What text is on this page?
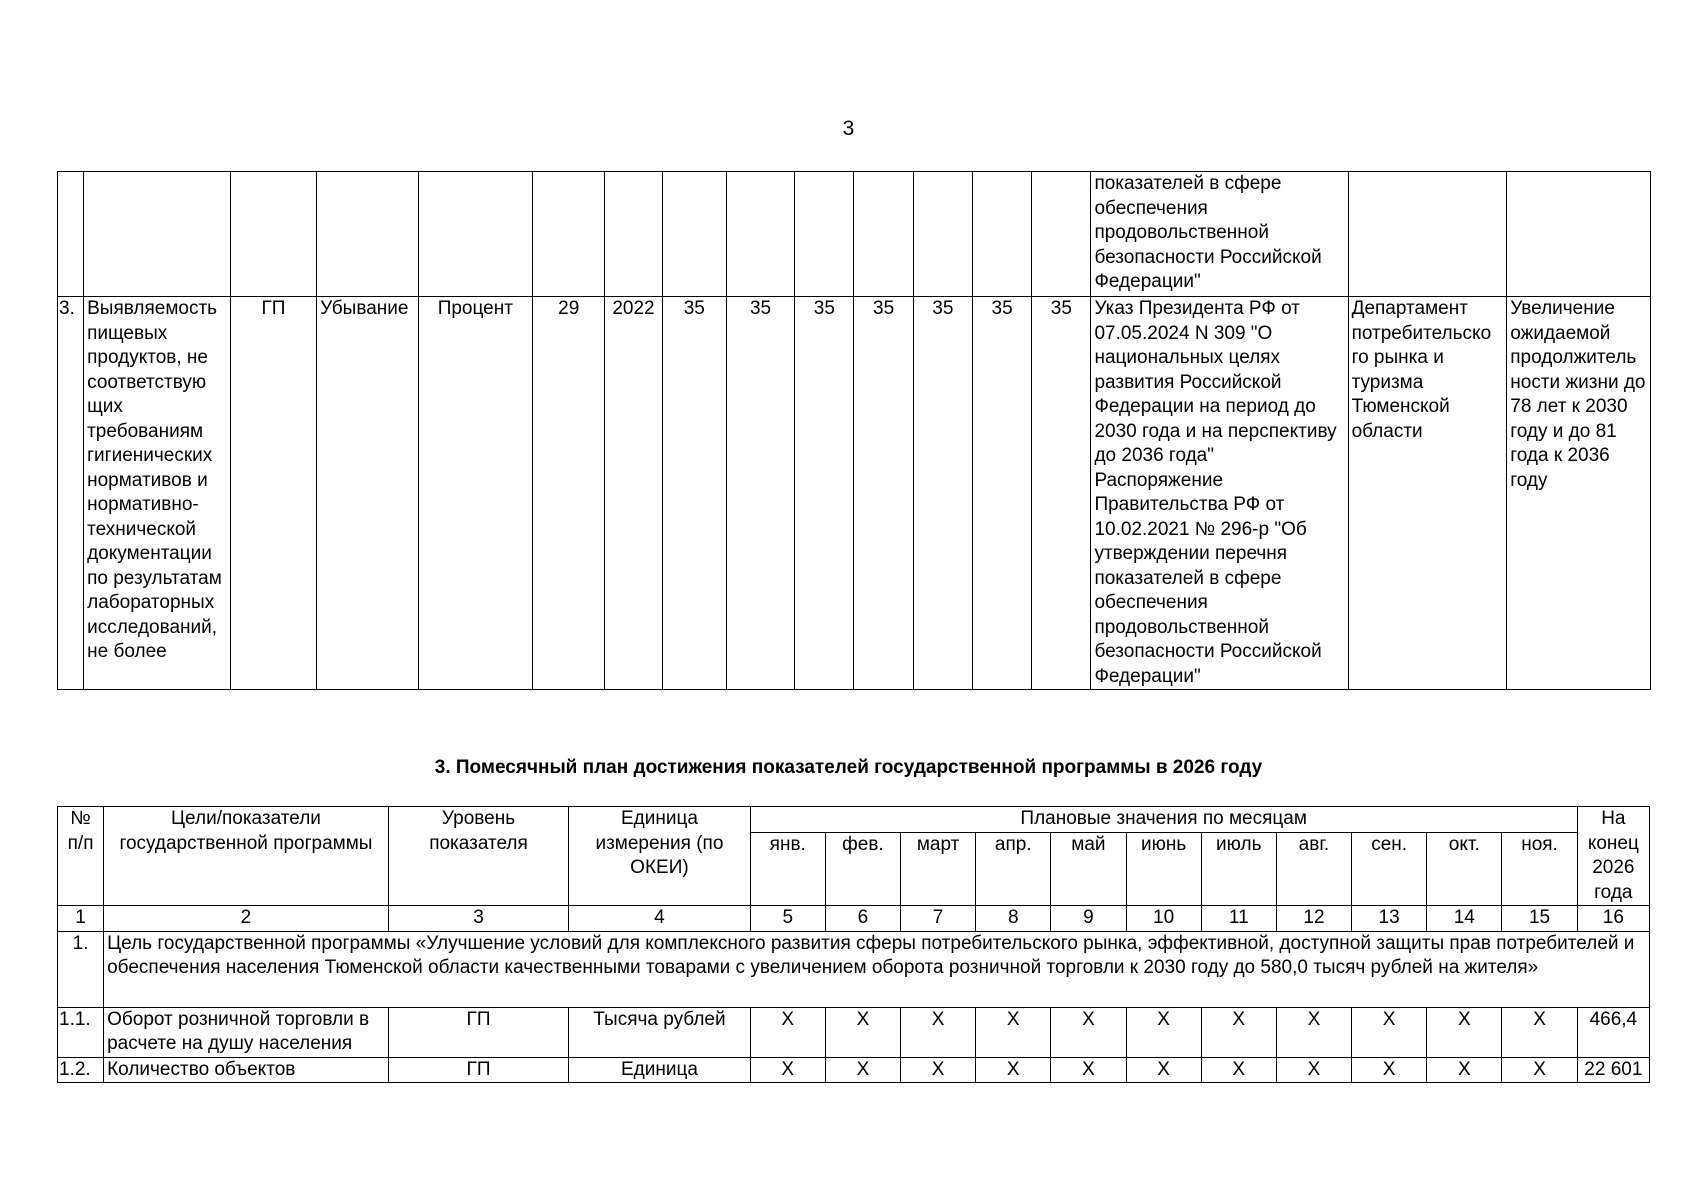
3
														показателей в сфере обеспечения продовольственной безопасности Российской Федерации"		
3.	Выявляемость пищевых продуктов, не соответствую щих требованиям гигиенических нормативов и нормативно-технической документации по результатам лабораторных исследований, не более	ГП	Убывание	Процент	29	2022	35	35	35	35	35	35	35	Указ Президента РФ от 07.05.2024 N 309 "О национальных целях развития Российской Федерации на период до 2030 года и на перспективу до 2036 года" Распоряжение Правительства РФ от 10.02.2021 № 296-р "Об утверждении перечня показателей в сфере обеспечения продовольственной безопасности Российской Федерации"	Департамент потребительско го рынка и туризма Тюменской области	Увеличение ожидаемой продолжитель ности жизни до 78 лет к 2030 году и до 81 года к 2036 году
3. Помесячный план достижения показателей государственной программы в 2026 году
№ п/п	Цели/показатели государственной программы	Уровень показателя	Единица измерения (по ОКЕИ)	Плановые значения по месяцам											На конец 2026 года
				янв.	фев.	март	апр.	май	июнь	июль	авг.	сен.	окт.	ноя.	
1	2	3	4	5	6	7	8	9	10	11	12	13	14	15	16
1.	Цель государственной программы «Улучшение условий для комплексного развития сферы потребительского рынка, эффективной, доступной защиты прав потребителей и обеспечения населения Тюменской области качественными товарами с увеличением оборота розничной торговли к 2030 году до 580,0 тысяч рублей на жителя»														
1.1.	Оборот розничной торговли в расчете на душу населения	ГП	Тысяча рублей	X	X	X	X	X	X	X	X	X	X	X	466,4
1.2.	Количество объектов	ГП	Единица	X	X	X	X	X	X	X	X	X	X	X	22 601
